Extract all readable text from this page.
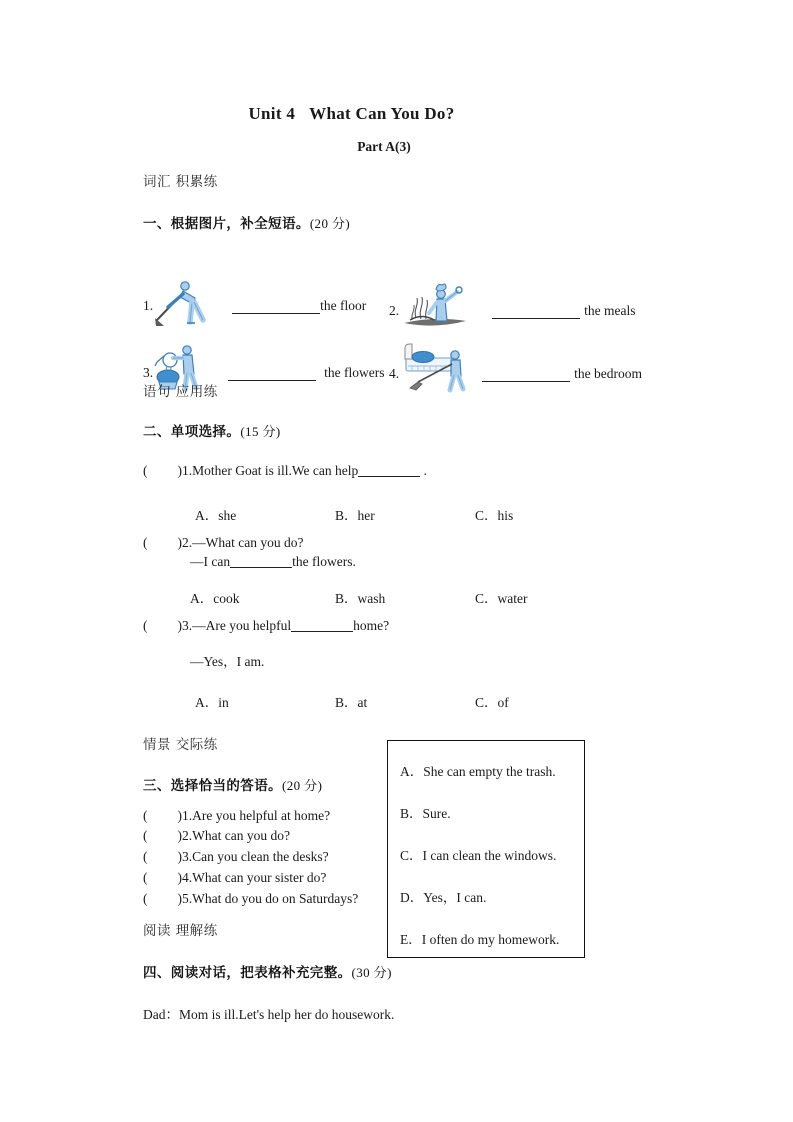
Unit 4 What Can You Do?
Part A(3)
词汇 积累练
一、根据图片，补全短语。(20 分)
1.	the floor 2.	the meals
3.	the flowers 4.	the bedroom
语句 应用练
二、单项选择。(15 分)
( )1.Mother Goat is ill.We can help	.
A．she	B．her	C．his
( )2.—What can you do?
—I can	the flowers.
A．cook	B．wash	C．water
( )3.—Are you helpful	home?
—Yes，I am.
A．in	B．at	C．of
情景 交际练
三、选择恰当的答语。(20 分)
( )1.Are you helpful at home?
( )2.What can you do?
( )3.Can you clean the desks?
( )4.What can your sister do?
( )5.What do you do on Saturdays?
A．She can empty the trash.
B．Sure.
C．I can clean the windows.
D．Yes，I can.
E．I often do my homework.
阅读 理解练
四、阅读对话，把表格补充完整。(30 分)
Dad：Mom is ill.Let's help her do housework.
